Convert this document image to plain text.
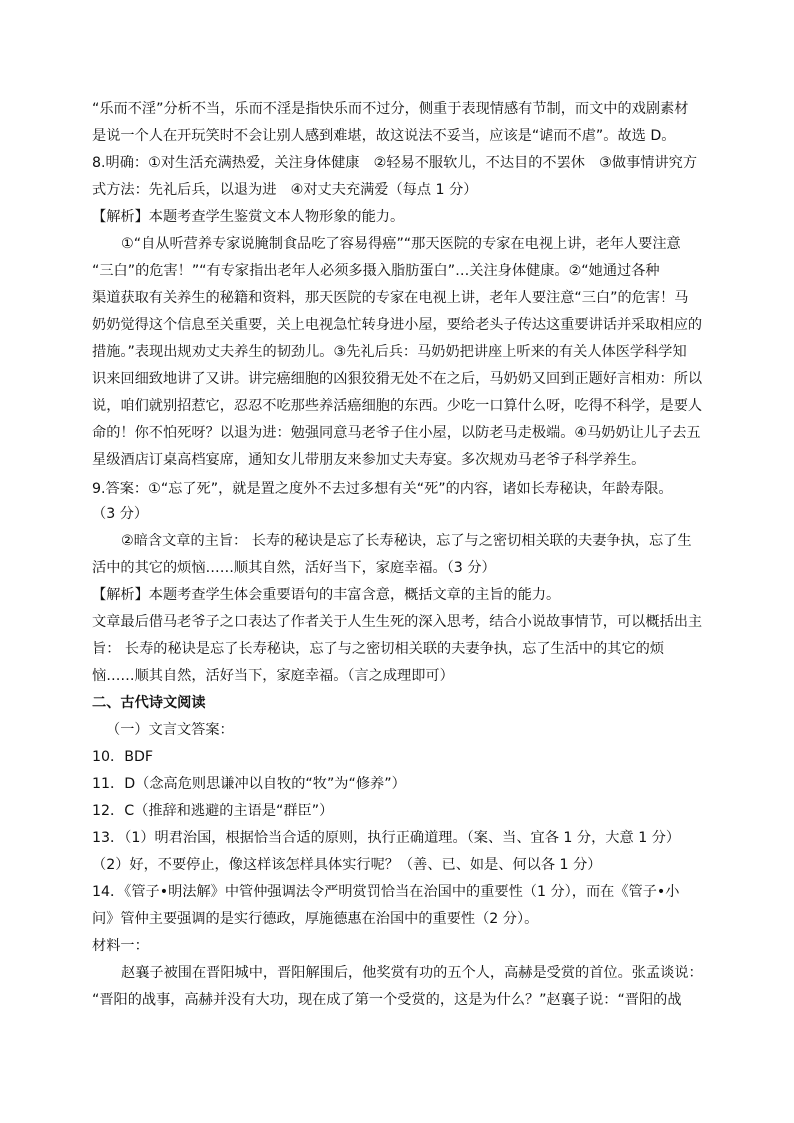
“乐而不淫”分析不当，乐而不淫是指快乐而不过分，侧重于表现情感有节制，而文中的戏剧素材
是说一个人在开玩笑时不会让别人感到难堪，故这说法不妥当，应该是“谑而不虐”。故选 D。
8.明确：①对生活充满热爱，关注身体健康　②轻易不服软儿，不达目的不罢休　③做事情讲究方
式方法：先礼后兵，以退为进　④对丈夫充满爱（每点 1 分）
【解析】本题考查学生鉴赏文本人物形象的能力。
①“自从听营养专家说腌制食品吃了容易得癌”“那天医院的专家在电视上讲，老年人要注意
“三白”的危害！”“有专家指出老年人必须多摄入脂肪蛋白”…关注身体健康。②“她通过各种
渠道获取有关养生的秘籍和资料，那天医院的专家在电视上讲，老年人要注意“三白”的危害！马
奶奶觉得这个信息至关重要，关上电视急忙转身进小屋，要给老头子传达这重要讲话并采取相应的
措施。”表现出规劝丈夫养生的韧劲儿。③先礼后兵：马奶奶把讲座上听来的有关人体医学科学知
识来回细致地讲了又讲。讲完癌细胞的凶狠狡猾无处不在之后，马奶奶又回到正题好言相劝：所以
说，咱们就别招惹它，忍忍不吃那些养活癌细胞的东西。少吃一口算什么呀，吃得不科学，是要人
命的！你不怕死呀？以退为进：勉强同意马老爷子住小屋，以防老马走极端。④马奶奶让儿子去五
星级酒店订桌高档宴席，通知女儿带朋友来参加丈夫寿宴。多次规劝马老爷子科学养生。
9.答案：①“忘了死”，就是置之度外不去过多想有关“死”的内容，诸如长寿秘诀，年龄寿限。
（3 分）
②暗含文章的主旨： 长寿的秘诀是忘了长寿秘诀，忘了与之密切相关联的夫妻争执，忘了生
活中的其它的烦恼……顺其自然，活好当下，家庭幸福。（3 分）
【解析】本题考查学生体会重要语句的丰富含意，概括文章的主旨的能力。
文章最后借马老爷子之口表达了作者关于人生生死的深入思考，结合小说故事情节，可以概括出主
旨： 长寿的秘诀是忘了长寿秘诀，忘了与之密切相关联的夫妻争执，忘了生活中的其它的烦
恼……顺其自然，活好当下，家庭幸福。（言之成理即可）
二、古代诗文阅读
（一）文言文答案：
10．BDF
11．D（念高危则思谦冲以自牧的“牧”为“修养”）
12．C（推辞和逃避的主语是“群臣”）
13．（1）明君治国，根据恰当合适的原则，执行正确道理。（案、当、宜各 1 分，大意 1 分）
（2）好，不要停止，像这样该怎样具体实行呢？（善、已、如是、何以各 1 分）
14．《管子•明法解》中管仲强调法令严明赏罚恰当在治国中的重要性（1 分），而在《管子•小
问》管仲主要强调的是实行德政，厚施德惠在治国中的重要性（2 分）。
材料一：
赵襄子被围在晋阳城中，晋阳解围后，他奖赏有功的五个人，高赫是受赏的首位。张孟谈说：
“晋阳的战事，高赫并没有大功，现在成了第一个受赏的，这是为什么？”赵襄子说：“晋阳的战
